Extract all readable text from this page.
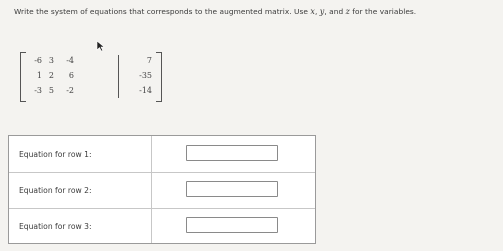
Write the system of equations that corresponds to the augmented matrix. Use x, y, and z for the variables.
-6 3	-4	7
1 2	6	-35
-3 5	-2	-14
Equation for row 1:
Equation for row 2:
Equation for row 3:
